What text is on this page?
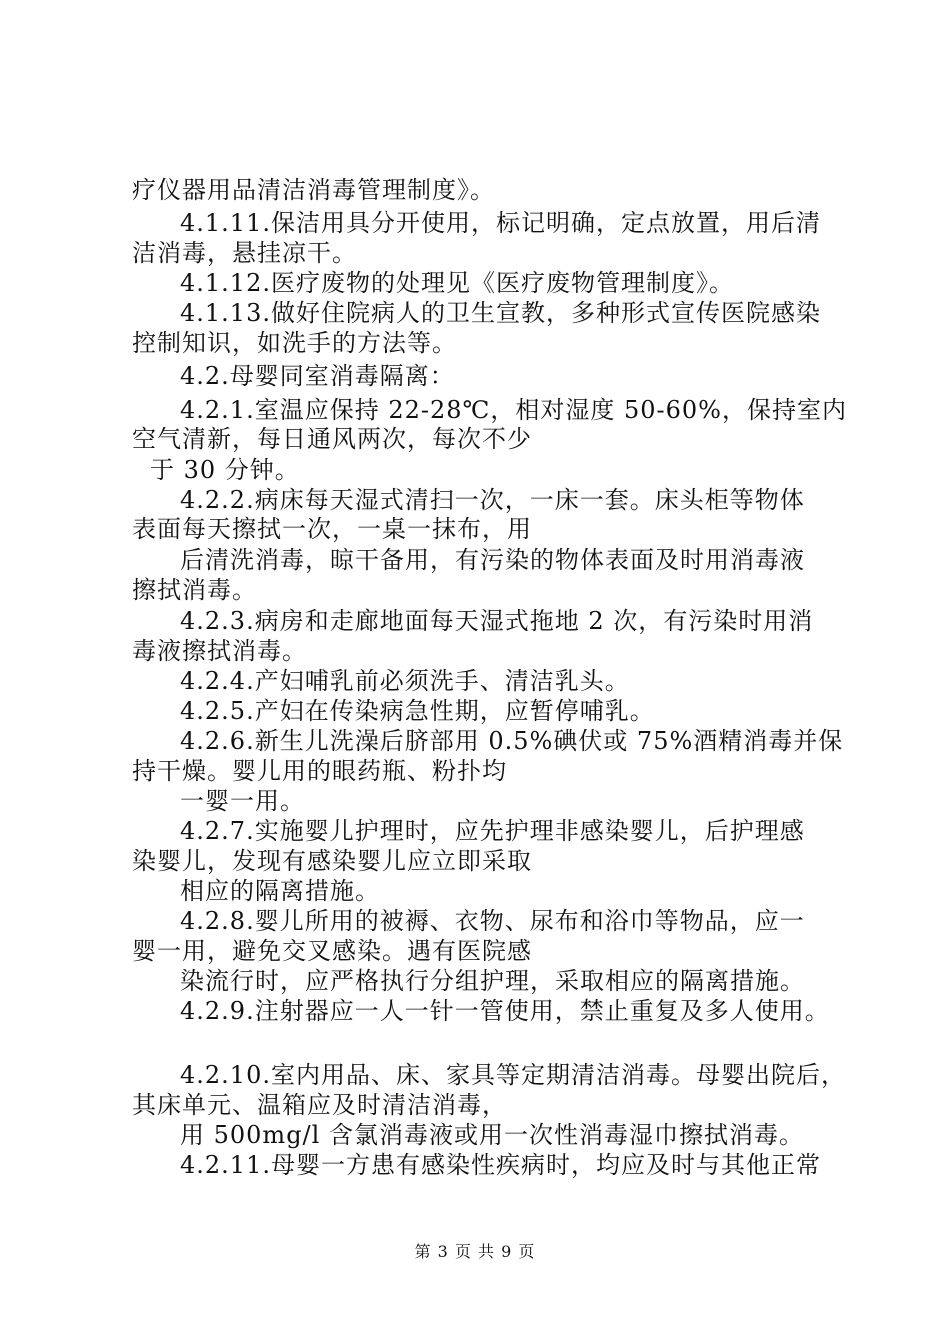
疗仪器用品清洁消毒管理制度》。
4.1.11.保洁用具分开使用，标记明确，定点放置，用后清
洁消毒，悬挂凉干。
4.1.12.医疗废物的处理见《医疗废物管理制度》。
4.1.13.做好住院病人的卫生宣教，多种形式宣传医院感染
控制知识，如洗手的方法等。
4.2.母婴同室消毒隔离：
4.2.1.室温应保持 22-28℃，相对湿度 50-60%，保持室内
空气清新，每日通风两次，每次不少
于 30 分钟。
4.2.2.病床每天湿式清扫一次，一床一套。床头柜等物体
表面每天擦拭一次，一桌一抹布，用
后清洗消毒，晾干备用，有污染的物体表面及时用消毒液
擦拭消毒。
4.2.3.病房和走廊地面每天湿式拖地 2 次，有污染时用消
毒液擦拭消毒。
4.2.4.产妇哺乳前必须洗手、清洁乳头。
4.2.5.产妇在传染病急性期，应暂停哺乳。
4.2.6.新生儿洗澡后脐部用 0.5%碘伏或 75%酒精消毒并保
持干燥。婴儿用的眼药瓶、粉扑均
一婴一用。
4.2.7.实施婴儿护理时，应先护理非感染婴儿，后护理感
染婴儿，发现有感染婴儿应立即采取
相应的隔离措施。
4.2.8.婴儿所用的被褥、衣物、尿布和浴巾等物品，应一
婴一用，避免交叉感染。遇有医院感
染流行时，应严格执行分组护理，采取相应的隔离措施。
4.2.9.注射器应一人一针一管使用，禁止重复及多人使用。
4.2.10.室内用品、床、家具等定期清洁消毒。母婴出院后，
其床单元、温箱应及时清洁消毒，
用 500mg/l 含氯消毒液或用一次性消毒湿巾擦拭消毒。
4.2.11.母婴一方患有感染性疾病时，均应及时与其他正常
第 3 页 共 9 页
